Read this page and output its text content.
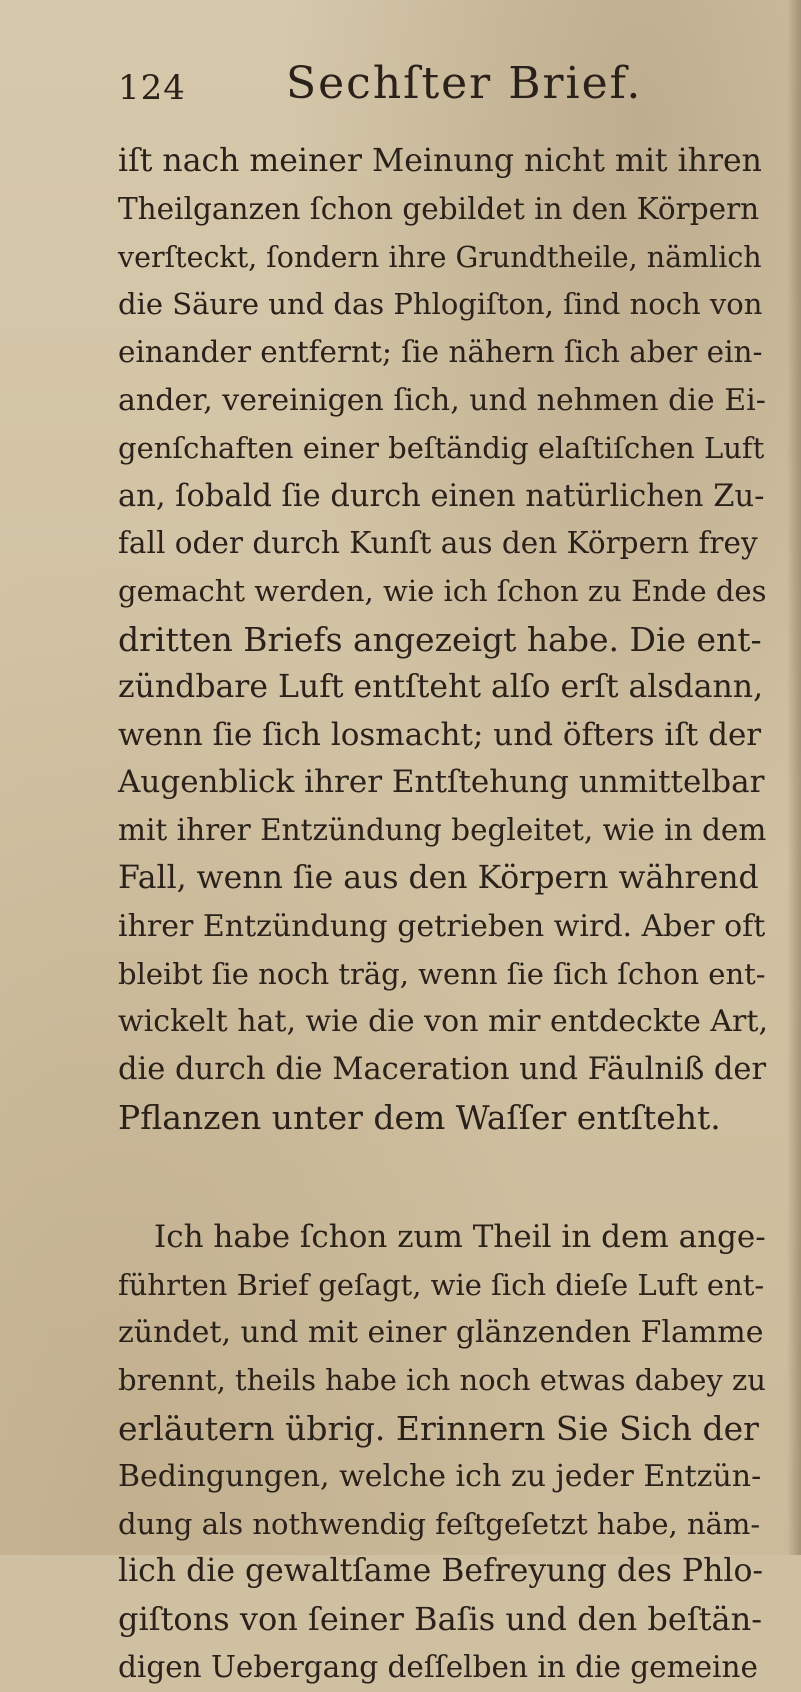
124 Sechſter Brief.
iſt nach meiner Meinung nicht mit ihren
Theilganzen ſchon gebildet in den Körpern
verſteckt, ſondern ihre Grundtheile, nämlich
die Säure und das Phlogiſton, ſind noch von
einander entfernt; ſie nähern ſich aber ein-
ander, vereinigen ſich, und nehmen die Ei-
genſchaften einer beſtändig elaſtiſchen Luft
an, ſobald ſie durch einen natürlichen Zu-
fall oder durch Kunſt aus den Körpern frey
gemacht werden, wie ich ſchon zu Ende des
dritten Briefs angezeigt habe. Die ent-
zündbare Luft entſteht alſo erſt alsdann,
wenn ſie ſich losmacht; und öfters iſt der
Augenblick ihrer Entſtehung unmittelbar
mit ihrer Entzündung begleitet, wie in dem
Fall, wenn ſie aus den Körpern während
ihrer Entzündung getrieben wird. Aber oft
bleibt ſie noch träg, wenn ſie ſich ſchon ent-
wickelt hat, wie die von mir entdeckte Art,
die durch die Maceration und Fäulniß der
Pflanzen unter dem Waſſer entſteht.
Ich habe ſchon zum Theil in dem ange-
führten Brief geſagt, wie ſich dieſe Luft ent-
zündet, und mit einer glänzenden Flamme
brennt, theils habe ich noch etwas dabey zu
erläutern übrig. Erinnern Sie Sich der
Bedingungen, welche ich zu jeder Entzün-
dung als nothwendig feſtgeſetzt habe, näm-
lich die gewaltſame Befreyung des Phlo-
giſtons von ſeiner Baſis und den beſtän-
digen Uebergang deſſelben in die gemeine
